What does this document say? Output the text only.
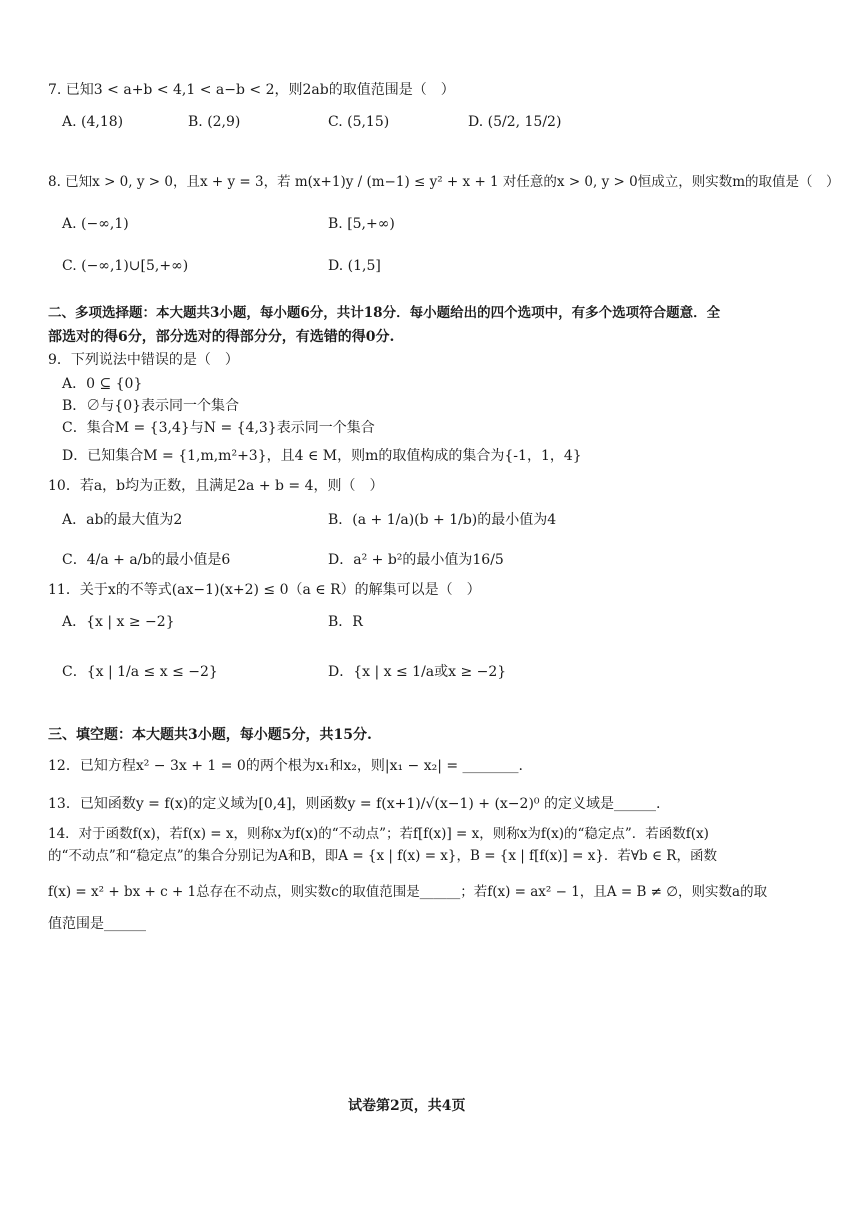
7. 已知3 < a+b < 4,1 < a−b < 2，则2ab的取值范围是（　）
A. (4,18)	B. (2,9)	C. (5,15)	D. (5/2, 15/2)
8. 已知x > 0, y > 0，且x + y = 3，若 m(x+1)y / (m−1) ≤ y² + x + 1 对任意的x > 0, y > 0恒成立，则实数m的取值是（　）
A. (−∞,1)	B. [5,+∞)
C. (−∞,1)∪[5,+∞)	D. (1,5]
二、多项选择题：本大题共3小题，每小题6分，共计18分．每小题给出的四个选项中，有多个选项符合题意．全
部选对的得6分，部分选对的得部分分，有选错的得0分.
9．下列说法中错误的是（　）
A．0 ⊆ {0}
B．∅与{0}表示同一个集合
C．集合M = {3,4}与N = {4,3}表示同一个集合
D．已知集合M = {1,m,m²+3}，且4 ∈ M，则m的取值构成的集合为{-1，1，4}
10．若a，b均为正数，且满足2a + b = 4，则（　）
A．ab的最大值为2	B．(a + 1/a)(b + 1/b)的最小值为4
C．4/a + a/b的最小值是6	D．a² + b²的最小值为16/5
11．关于x的不等式(ax−1)(x+2) ≤ 0（a ∈ R）的解集可以是（　）
A．{x | x ≥ −2}	B．R
C．{x | 1/a ≤ x ≤ −2}	D．{x | x ≤ 1/a或x ≥ −2}
三、填空题：本大题共3小题，每小题5分，共15分.
12．已知方程x² − 3x + 1 = 0的两个根为x₁和x₂，则|x₁ − x₂| = ________.
13．已知函数y = f(x)的定义域为[0,4]，则函数y = f(x+1)/√(x−1) + (x−2)⁰ 的定义域是______.
14．对于函数f(x)，若f(x) = x，则称x为f(x)的“不动点”；若f[f(x)] = x，则称x为f(x)的“稳定点”．若函数f(x)
的“不动点”和“稳定点”的集合分别记为A和B，即A = {x | f(x) = x}，B = {x | f[f(x)] = x}．若∀b ∈ R，函数
f(x) = x² + bx + c + 1总存在不动点，则实数c的取值范围是______；若f(x) = ax² − 1，且A = B ≠ ∅，则实数a的取
值范围是______
试卷第2页，共4页
